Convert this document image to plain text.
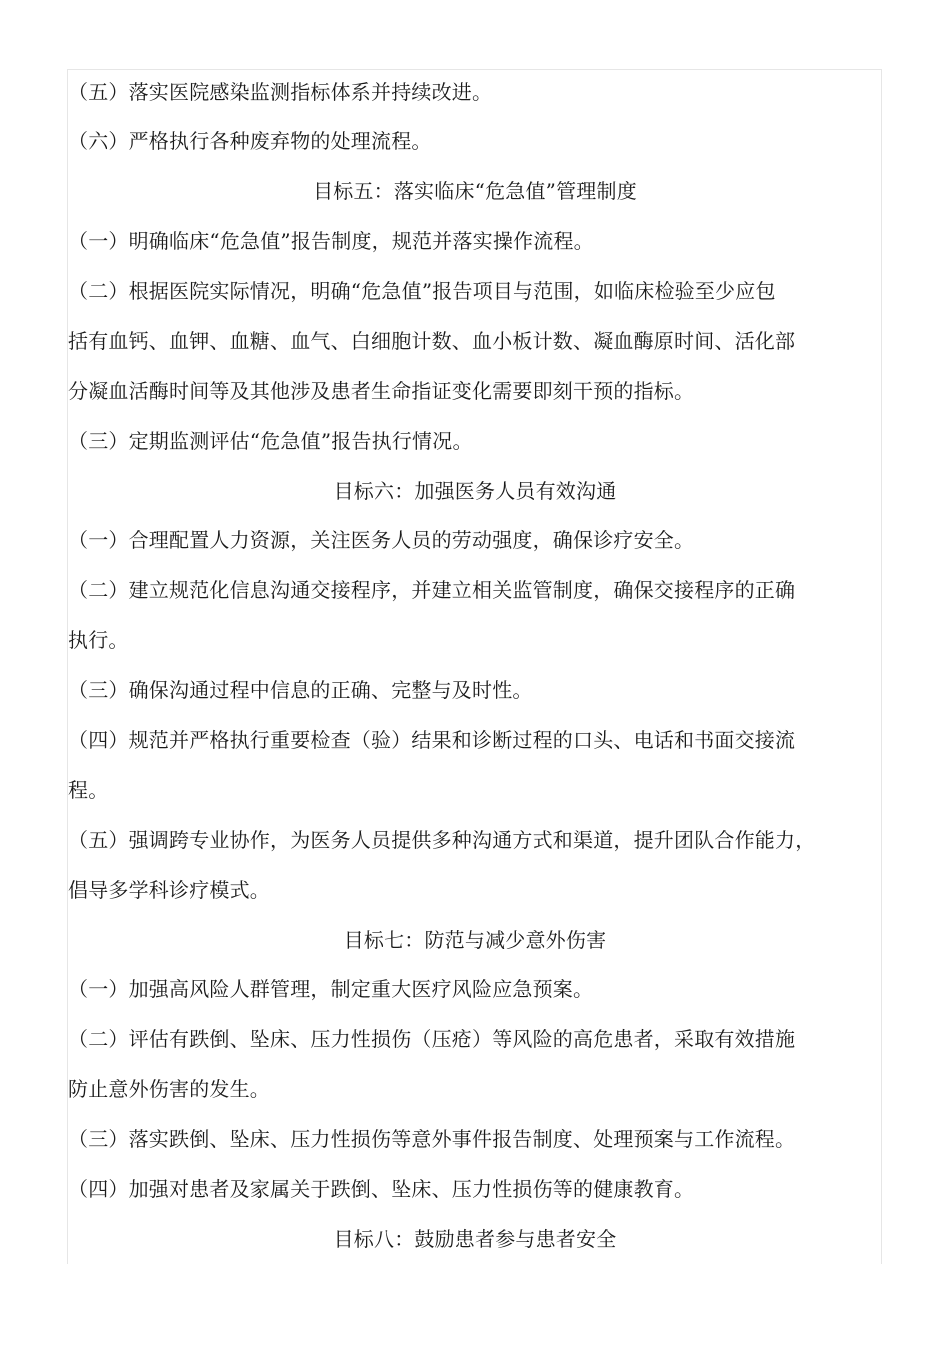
（五）落实医院感染监测指标体系并持续改进。
（六）严格执行各种废弃物的处理流程。
目标五：落实临床“危急值”管理制度
（一）明确临床“危急值”报告制度，规范并落实操作流程。
（二）根据医院实际情况，明确“危急值”报告项目与范围，如临床检验至少应包
括有血钙、血钾、血糖、血气、白细胞计数、血小板计数、凝血酶原时间、活化部
分凝血活酶时间等及其他涉及患者生命指证变化需要即刻干预的指标。
（三）定期监测评估“危急值”报告执行情况。
目标六：加强医务人员有效沟通
（一）合理配置人力资源，关注医务人员的劳动强度，确保诊疗安全。
（二）建立规范化信息沟通交接程序，并建立相关监管制度，确保交接程序的正确
执行。
（三）确保沟通过程中信息的正确、完整与及时性。
（四）规范并严格执行重要检查（验）结果和诊断过程的口头、电话和书面交接流
程。
（五）强调跨专业协作，为医务人员提供多种沟通方式和渠道，提升团队合作能力，
倡导多学科诊疗模式。
目标七：防范与减少意外伤害
（一）加强高风险人群管理，制定重大医疗风险应急预案。
（二）评估有跌倒、坠床、压力性损伤（压疮）等风险的高危患者，采取有效措施
防止意外伤害的发生。
（三）落实跌倒、坠床、压力性损伤等意外事件报告制度、处理预案与工作流程。
（四）加强对患者及家属关于跌倒、坠床、压力性损伤等的健康教育。
目标八：鼓励患者参与患者安全
